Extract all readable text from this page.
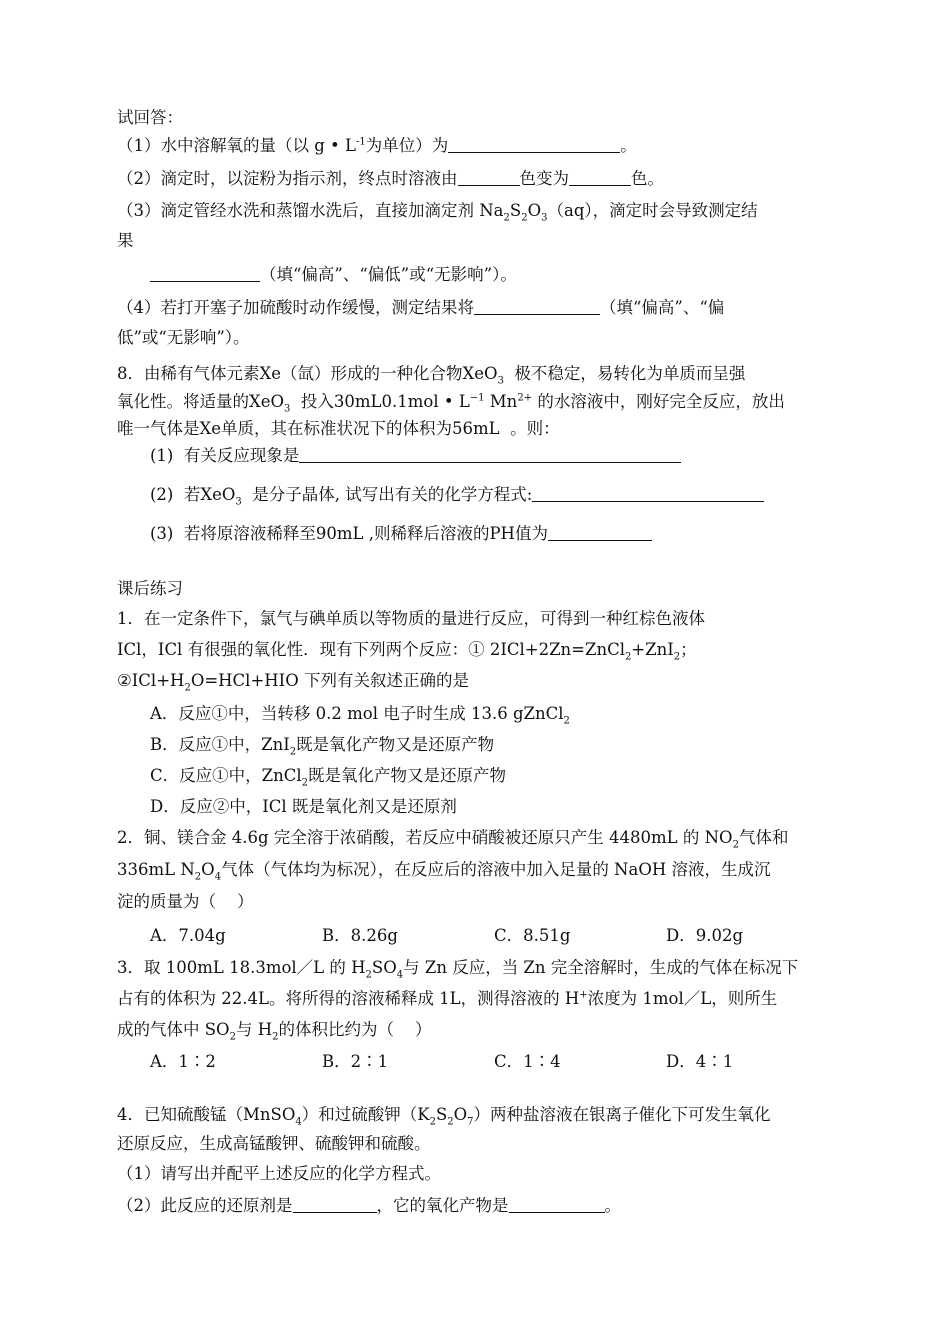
试回答：
（1）水中溶解氧的量（以 g • $L^{-1}$为单位）为	。
（2）滴定时，以淀粉为指示剂，终点时溶液由	色变为	色。
（3）滴定管经水洗和蒸馏水洗后，直接加滴定剂 $Na_2S_2O_3(aq)$，滴定时会导致测定结
果
（填“偏高”、“偏低”或“无影响”）。
（4）若打开塞子加硫酸时动作缓慢，测定结果将	（填“偏高”、“偏
低”或“无影响”）。
8．由稀有气体元素Xe（氙）形成的一种化合物XeO$_3$  极不稳定，易转化为单质而呈强
氧化性。将适量的XeO$_3$  投入30mL0.1mol • $L^{-1}$ $Mn^{2+}$ 的水溶液中，刚好完全反应，放出
唯一气体是Xe单质，其在标准状况下的体积为56mL  。则：
(1)  有关反应现象是
(2)  若XeO$_3$  是分子晶体, 试写出有关的化学方程式:
(3)  若将原溶液稀释至90mL ,则稀释后溶液的PH值为
课后练习
1．在一定条件下，氯气与碘单质以等物质的量进行反应，可得到一种红棕色液体
ICl，ICl 有很强的氧化性．现有下列两个反应：① 2ICl+2Zn=ZnCl$_2$+ZnI$_2$；
$②ICl+H_2O=HCl+HIO$ 下列有关叙述正确的是
A．反应①中，当转移 0.2 mol 电子时生成 13.6 gZnCl$_2$
B．反应①中，ZnI$_2$既是氧化产物又是还原产物
C．反应①中，ZnCl$_2$既是氧化产物又是还原产物
D．反应②中，ICl 既是氧化剂又是还原剂
2．铜、镁合金 4.6g 完全溶于浓硝酸，若反应中硝酸被还原只产生 4480mL 的 $NO_2$气体和
336mL $N_2O_4$气体（气体均为标况），在反应后的溶液中加入足量的 NaOH 溶液，生成沉
淀的质量为（    ）
A．7.04g	B．8.26g	C．8.51g	D．9.02g
3．取 100mL 18.3mol／L 的 $H_2SO_4$与 Zn 反应，当 Zn 完全溶解时，生成的气体在标况下
占有的体积为 22.4L。将所得的溶液稀释成 1L，测得溶液的 H+浓度为 1mol／L，则所生
成的气体中 $SO_2$与 $H_2$的体积比约为（    ）
A．1∶2	B．2∶1	C．1∶4	D．4∶1
4．已知硫酸锰（MnSO$_4$）和过硫酸钾$(K_2S_2O_7)$两种盐溶液在银离子催化下可发生氧化
还原反应，生成高锰酸钾、硫酸钾和硫酸。
（1）请写出并配平上述反应的化学方程式。
（2）此反应的还原剂是	，它的氧化产物是	。
